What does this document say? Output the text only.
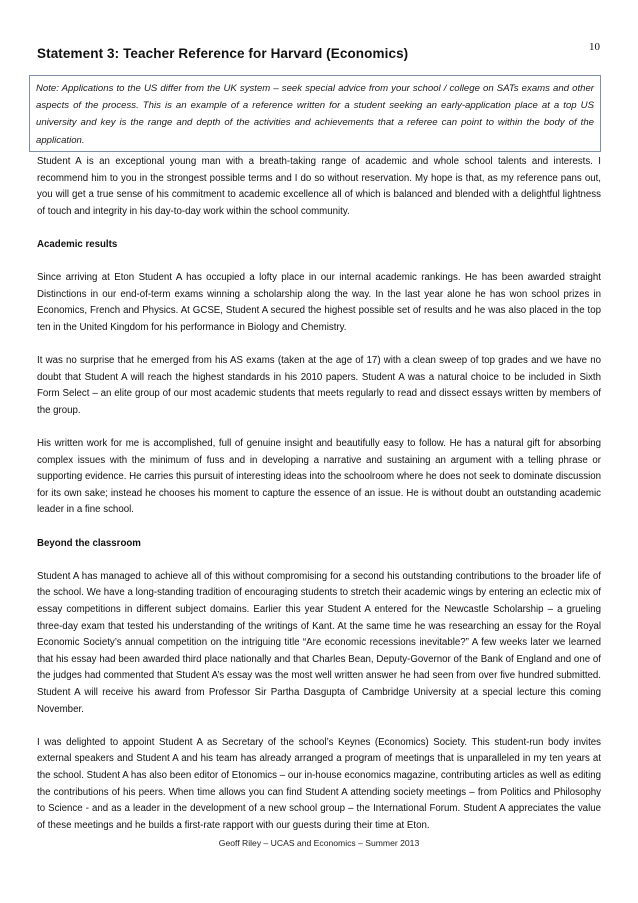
10
Statement 3: Teacher Reference for Harvard (Economics)
Note: Applications to the US differ from the UK system – seek special advice from your school / college on SATs exams and other aspects of the process. This is an example of a reference written for a student seeking an early-application place at a top US university and key is the range and depth of the activities and achievements that a referee can point to within the body of the application.

Student A is an exceptional young man with a breath-taking range of academic and whole school talents and interests. I recommend him to you in the strongest possible terms and I do so without reservation. My hope is that, as my reference pans out, you will get a true sense of his commitment to academic excellence all of which is balanced and blended with a delightful lightness of touch and integrity in his day-to-day work within the school community.

Academic results

Since arriving at Eton Student A has occupied a lofty place in our internal academic rankings. He has been awarded straight Distinctions in our end-of-term exams winning a scholarship along the way. In the last year alone he has won school prizes in Economics, French and Physics. At GCSE, Student A secured the highest possible set of results and he was also placed in the top ten in the United Kingdom for his performance in Biology and Chemistry.

It was no surprise that he emerged from his AS exams (taken at the age of 17) with a clean sweep of top grades and we have no doubt that Student A will reach the highest standards in his 2010 papers. Student A was a natural choice to be included in Sixth Form Select – an elite group of our most academic students that meets regularly to read and dissect essays written by members of the group.

His written work for me is accomplished, full of genuine insight and beautifully easy to follow. He has a natural gift for absorbing complex issues with the minimum of fuss and in developing a narrative and sustaining an argument with a telling phrase or supporting evidence. He carries this pursuit of interesting ideas into the schoolroom where he does not seek to dominate discussion for its own sake; instead he chooses his moment to capture the essence of an issue. He is without doubt an outstanding academic leader in a fine school.

Beyond the classroom

Student A has managed to achieve all of this without compromising for a second his outstanding contributions to the broader life of the school. We have a long-standing tradition of encouraging students to stretch their academic wings by entering an eclectic mix of essay competitions in different subject domains. Earlier this year Student A entered for the Newcastle Scholarship – a grueling three-day exam that tested his understanding of the writings of Kant. At the same time he was researching an essay for the Royal Economic Society’s annual competition on the intriguing title “Are economic recessions inevitable?” A few weeks later we learned that his essay had been awarded third place nationally and that Charles Bean, Deputy-Governor of the Bank of England and one of the judges had commented that Student A’s essay was the most well written answer he had seen from over five hundred submitted. Student A will receive his award from Professor Sir Partha Dasgupta of Cambridge University at a special lecture this coming November.

I was delighted to appoint Student A as Secretary of the school’s Keynes (Economics) Society. This student-run body invites external speakers and Student A and his team has already arranged a program of meetings that is unparalleled in my ten years at the school. Student A has also been editor of Etonomics – our in-house economics magazine, contributing articles as well as editing the contributions of his peers. When time allows you can find Student A attending society meetings – from Politics and Philosophy to Science - and as a leader in the development of a new school group – the International Forum. Student A appreciates the value of these meetings and he builds a first-rate rapport with our guests during their time at Eton.

Geoff Riley – UCAS and Economics – Summer 2013
